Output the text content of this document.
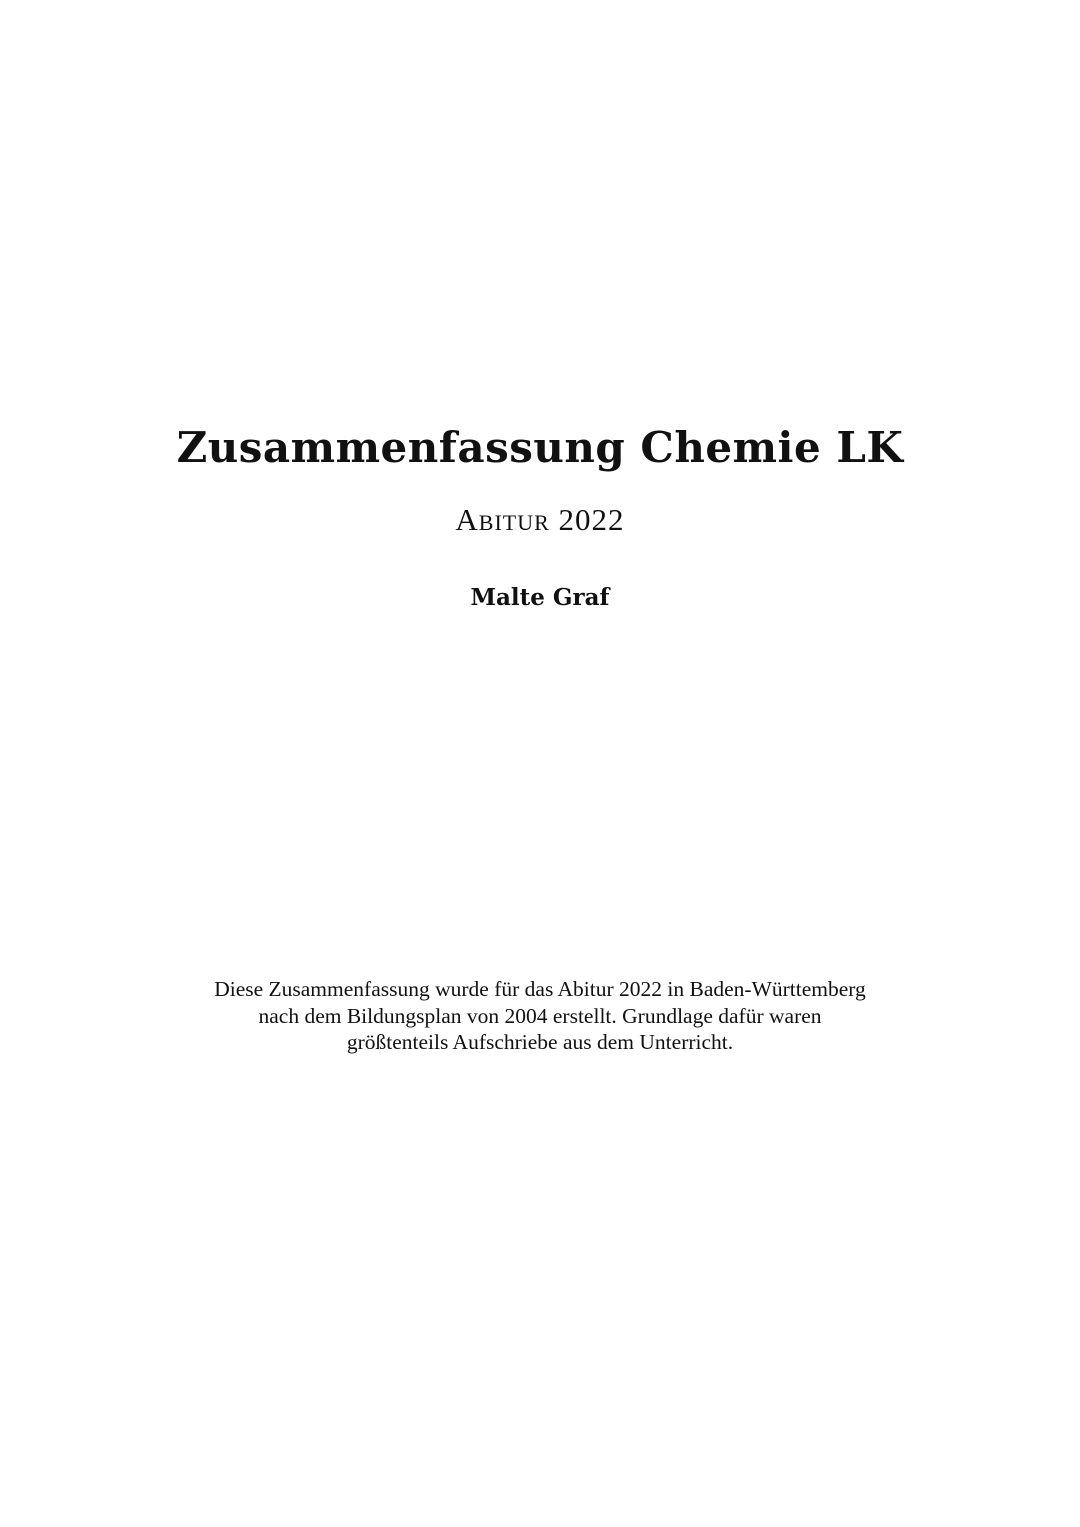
Zusammenfassung Chemie LK
Abitur 2022
Malte Graf
Diese Zusammenfassung wurde für das Abitur 2022 in Baden-Württemberg
nach dem Bildungsplan von 2004 erstellt. Grundlage dafür waren
größtenteils Aufschriebe aus dem Unterricht.
